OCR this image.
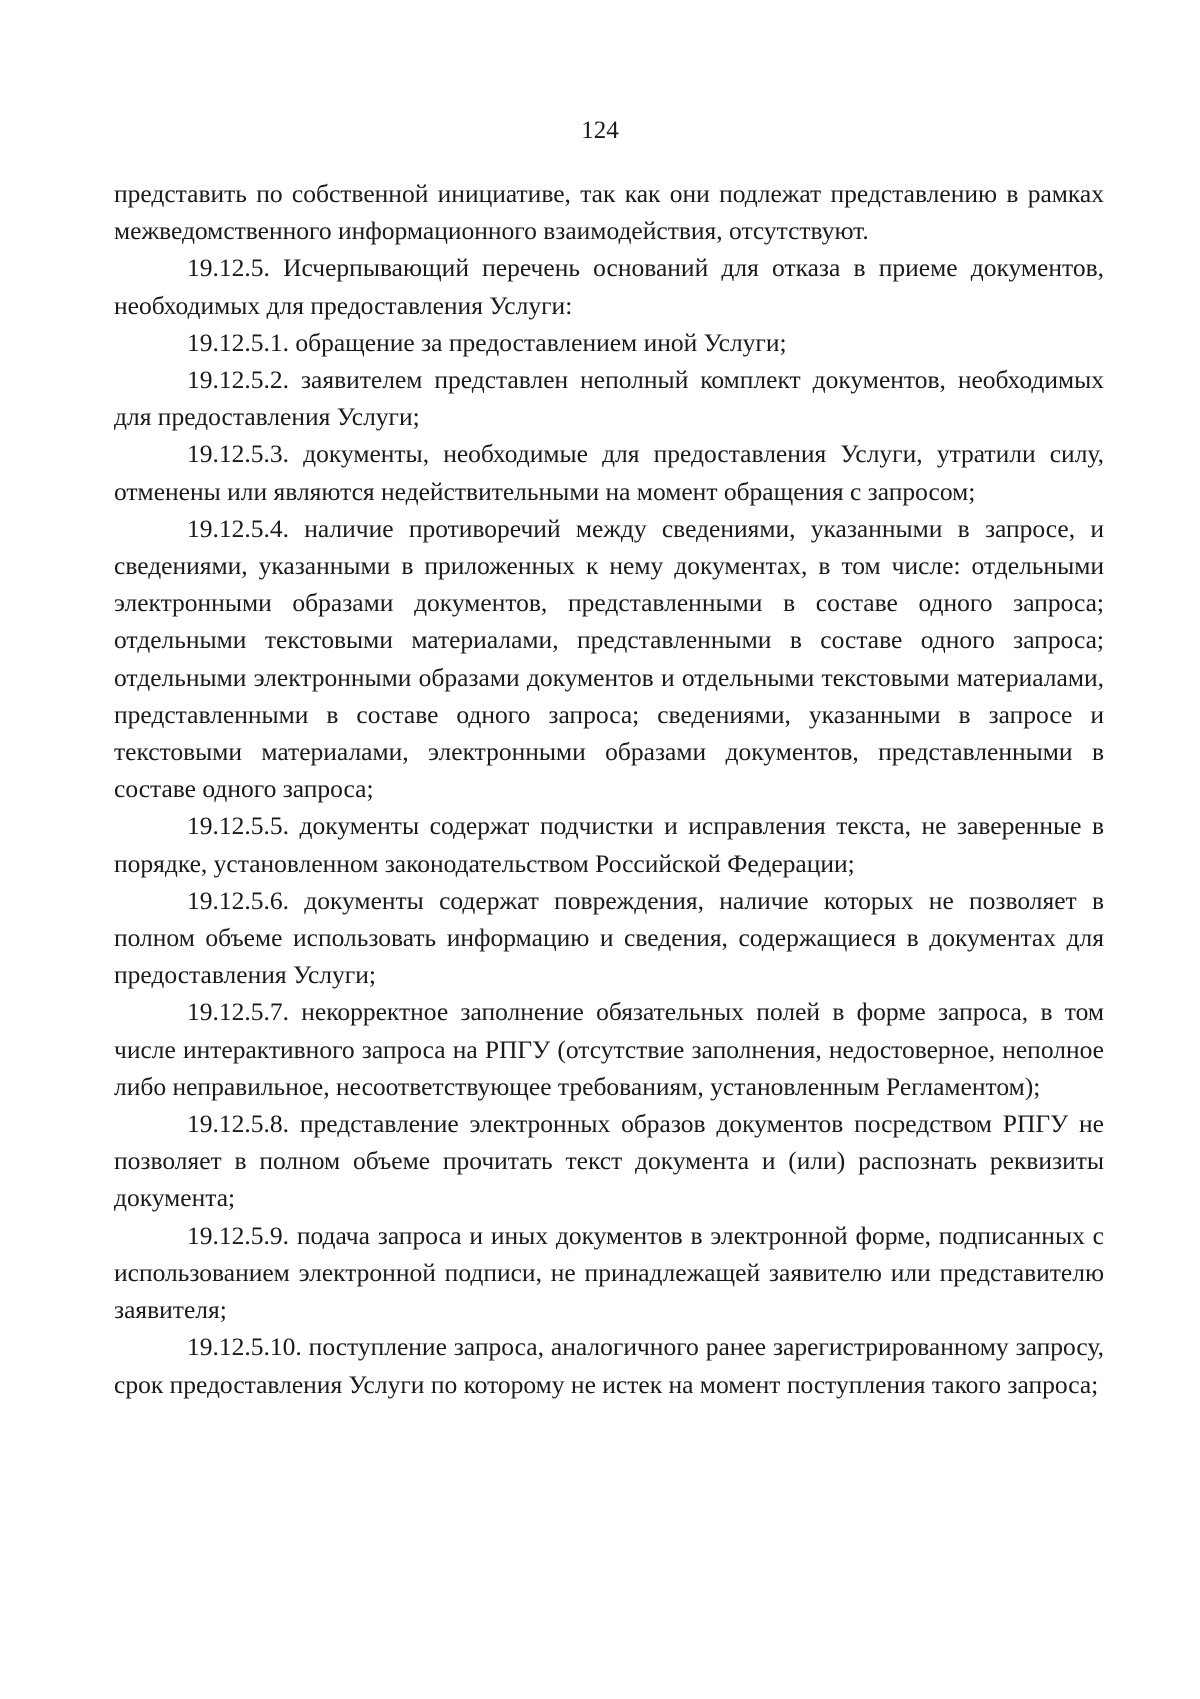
124

представить по собственной инициативе, так как они подлежат представлению в рамках межведомственного информационного взаимодействия, отсутствуют.

19.12.5. Исчерпывающий перечень оснований для отказа в приеме документов, необходимых для предоставления Услуги:

19.12.5.1. обращение за предоставлением иной Услуги;

19.12.5.2. заявителем представлен неполный комплект документов, необходимых для предоставления Услуги;

19.12.5.3. документы, необходимые для предоставления Услуги, утратили силу, отменены или являются недействительными на момент обращения с запросом;

19.12.5.4. наличие противоречий между сведениями, указанными в запросе, и сведениями, указанными в приложенных к нему документах, в том числе: отдельными электронными образами документов, представленными в составе одного запроса; отдельными текстовыми материалами, представленными в составе одного запроса; отдельными электронными образами документов и отдельными текстовыми материалами, представленными в составе одного запроса; сведениями, указанными в запросе и текстовыми материалами, электронными образами документов, представленными в составе одного запроса;

19.12.5.5. документы содержат подчистки и исправления текста, не заверенные в порядке, установленном законодательством Российской Федерации;

19.12.5.6. документы содержат повреждения, наличие которых не позволяет в полном объеме использовать информацию и сведения, содержащиеся в документах для предоставления Услуги;

19.12.5.7. некорректное заполнение обязательных полей в форме запроса, в том числе интерактивного запроса на РПГУ (отсутствие заполнения, недостоверное, неполное либо неправильное, несоответствующее требованиям, установленным Регламентом);

19.12.5.8. представление электронных образов документов посредством РПГУ не позволяет в полном объеме прочитать текст документа и (или) распознать реквизиты документа;

19.12.5.9. подача запроса и иных документов в электронной форме, подписанных с использованием электронной подписи, не принадлежащей заявителю или представителю заявителя;

19.12.5.10. поступление запроса, аналогичного ранее зарегистрированному запросу, срок предоставления Услуги по которому не истек на момент поступления такого запроса;
